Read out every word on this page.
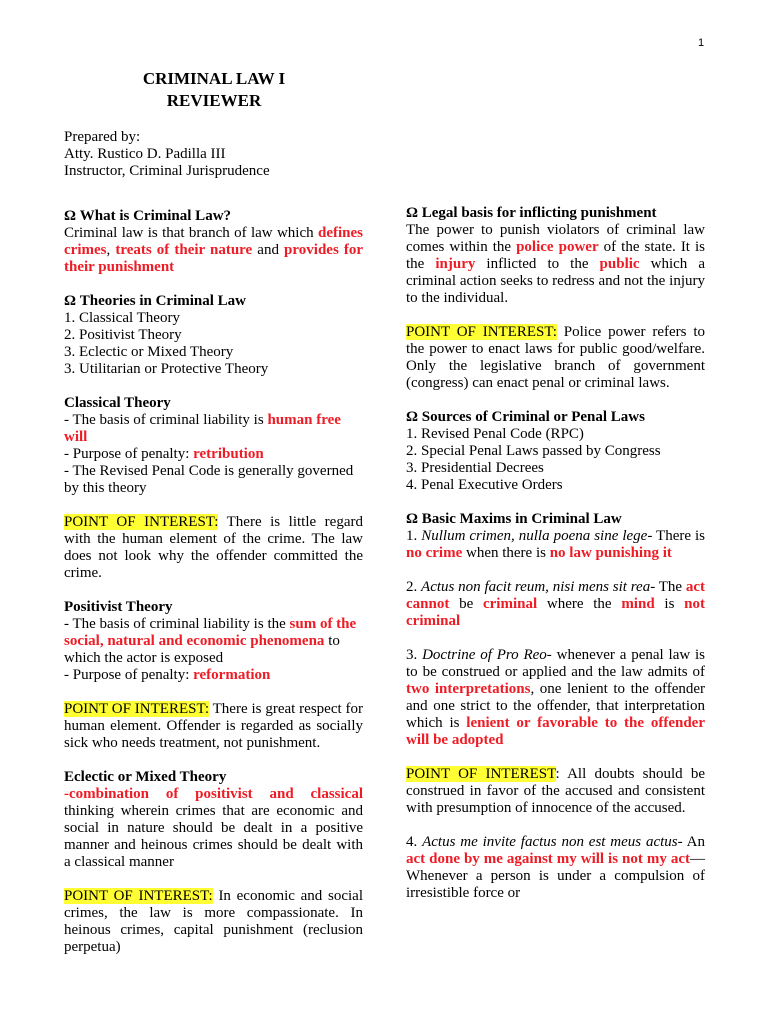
1
CRIMINAL LAW I
REVIEWER
Prepared by:
Atty. Rustico D. Padilla III
Instructor, Criminal Jurisprudence
Ω What is Criminal Law?
Criminal law is that branch of law which defines crimes, treats of their nature and provides for their punishment
Ω Theories in Criminal Law
1. Classical Theory
2. Positivist Theory
3. Eclectic or Mixed Theory
3. Utilitarian or Protective Theory
Classical Theory
- The basis of criminal liability is human free will
- Purpose of penalty: retribution
- The Revised Penal Code is generally governed by this theory
POINT OF INTEREST: There is little regard with the human element of the crime. The law does not look why the offender committed the crime.
Positivist Theory
- The basis of criminal liability is the sum of the social, natural and economic phenomena to which the actor is exposed
- Purpose of penalty: reformation
POINT OF INTEREST: There is great respect for human element. Offender is regarded as socially sick who needs treatment, not punishment.
Eclectic or Mixed Theory
-combination of positivist and classical thinking wherein crimes that are economic and social in nature should be dealt in a positive manner and heinous crimes should be dealt with a classical manner
POINT OF INTEREST: In economic and social crimes, the law is more compassionate. In heinous crimes, capital punishment (reclusion perpetua)
Ω Legal basis for inflicting punishment
The power to punish violators of criminal law comes within the police power of the state. It is the injury inflicted to the public which a criminal action seeks to redress and not the injury to the individual.
POINT OF INTEREST: Police power refers to the power to enact laws for public good/welfare. Only the legislative branch of government (congress) can enact penal or criminal laws.
Ω Sources of Criminal or Penal Laws
1. Revised Penal Code (RPC)
2. Special Penal Laws passed by Congress
3. Presidential Decrees
4. Penal Executive Orders
Ω Basic Maxims in Criminal Law
1. Nullum crimen, nulla poena sine lege- There is no crime when there is no law punishing it
2. Actus non facit reum, nisi mens sit rea- The act cannot be criminal where the mind is not criminal
3. Doctrine of Pro Reo- whenever a penal law is to be construed or applied and the law admits of two interpretations, one lenient to the offender and one strict to the offender, that interpretation which is lenient or favorable to the offender will be adopted
POINT OF INTEREST: All doubts should be construed in favor of the accused and consistent with presumption of innocence of the accused.
4. Actus me invite factus non est meus actus- An act done by me against my will is not my act—Whenever a person is under a compulsion of irresistible force or
